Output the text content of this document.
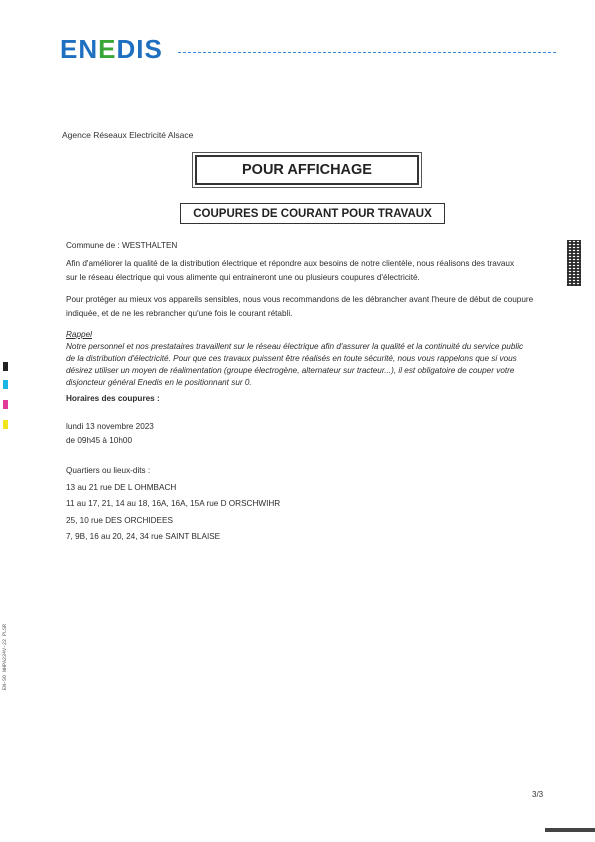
ENEDIS
Agence Réseaux Electricité Alsace
POUR AFFICHAGE
COUPURES DE COURANT POUR TRAVAUX
Commune de : WESTHALTEN
Afin d'améliorer la qualité de la distribution électrique et répondre aux besoins de notre clientèle, nous réalisons des travaux
sur le réseau électrique qui vous alimente qui entraineront une ou plusieurs coupures d'électricité.
Pour protéger au mieux vos appareils sensibles, nous vous recommandons de les débrancher avant l'heure de début de coupure
indiquée, et de ne les rebrancher qu'une fois le courant rétabli.
Rappel
Notre personnel et nos prestataires travaillent sur le réseau électrique afin d'assurer la qualité et la continuité du service public
de la distribution d'électricité. Pour que ces travaux puissent être réalisés en toute sécurité, nous vous rappelons que si vous
désirez utiliser un moyen de réalimentation (groupe électrogène, alternateur sur tracteur...), il est obligatoire de couper votre
disjoncteur général Enedis en le positionnant sur 0.
Horaires des coupures :
lundi 13 novembre 2023
de 09h45 à 10h00
Quartiers ou lieux-dits :
13 au 21 rue DE L OHMBACH
11 au 17, 21, 14 au 18, 16A, 16A, 15A rue D ORSCHWIHR
25, 10 rue DES ORCHIDEES
7, 9B, 16 au 20, 24, 34 rue SAINT BLAISE
EN-SO NHPA234V-22 PLSR
3/3
